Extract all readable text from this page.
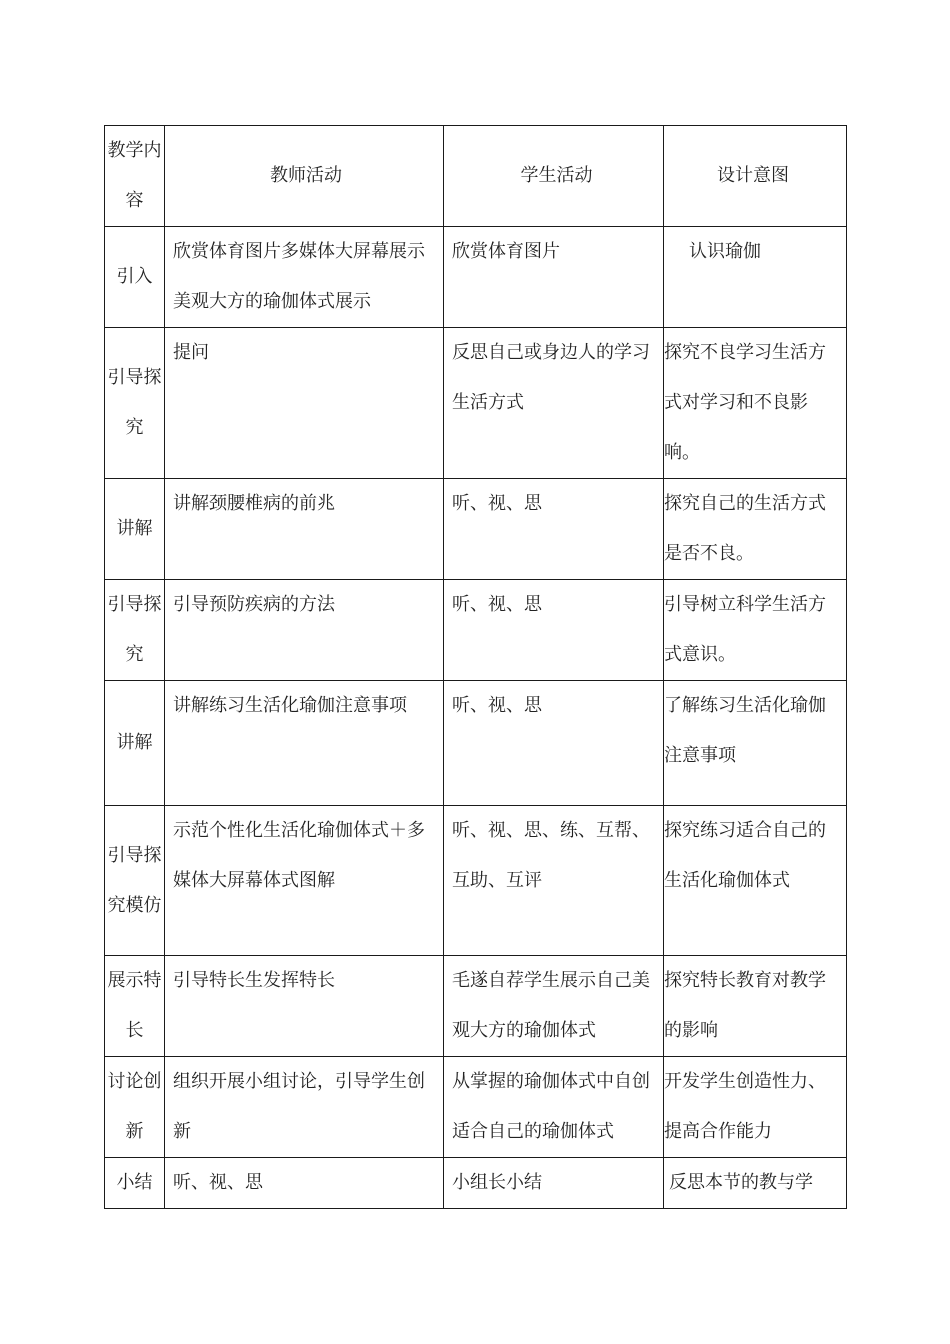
教学内容	教师活动	学生活动	设计意图
引入	欣赏体育图片多媒体大屏幕展示美观大方的瑜伽体式展示	欣赏体育图片	认识瑜伽
引导探究	提问	反思自己或身边人的学习生活方式	探究不良学习生活方式对学习和不良影响。
讲解	讲解颈腰椎病的前兆	听、视、思	探究自己的生活方式是否不良。
引导探究	引导预防疾病的方法	听、视、思	引导树立科学生活方式意识。
讲解	讲解练习生活化瑜伽注意事项	听、视、思	了解练习生活化瑜伽注意事项
引导探究模仿	示范个性化生活化瑜伽体式＋多媒体大屏幕体式图解	听、视、思、练、互帮、互助、互评	探究练习适合自己的生活化瑜伽体式
展示特长	引导特长生发挥特长	毛遂自荐学生展示自己美观大方的瑜伽体式	探究特长教育对教学的影响
讨论创新	组织开展小组讨论，引导学生创新	从掌握的瑜伽体式中自创适合自己的瑜伽体式	开发学生创造性力、提高合作能力
小结	听、视、思	小组长小结	反思本节的教与学
